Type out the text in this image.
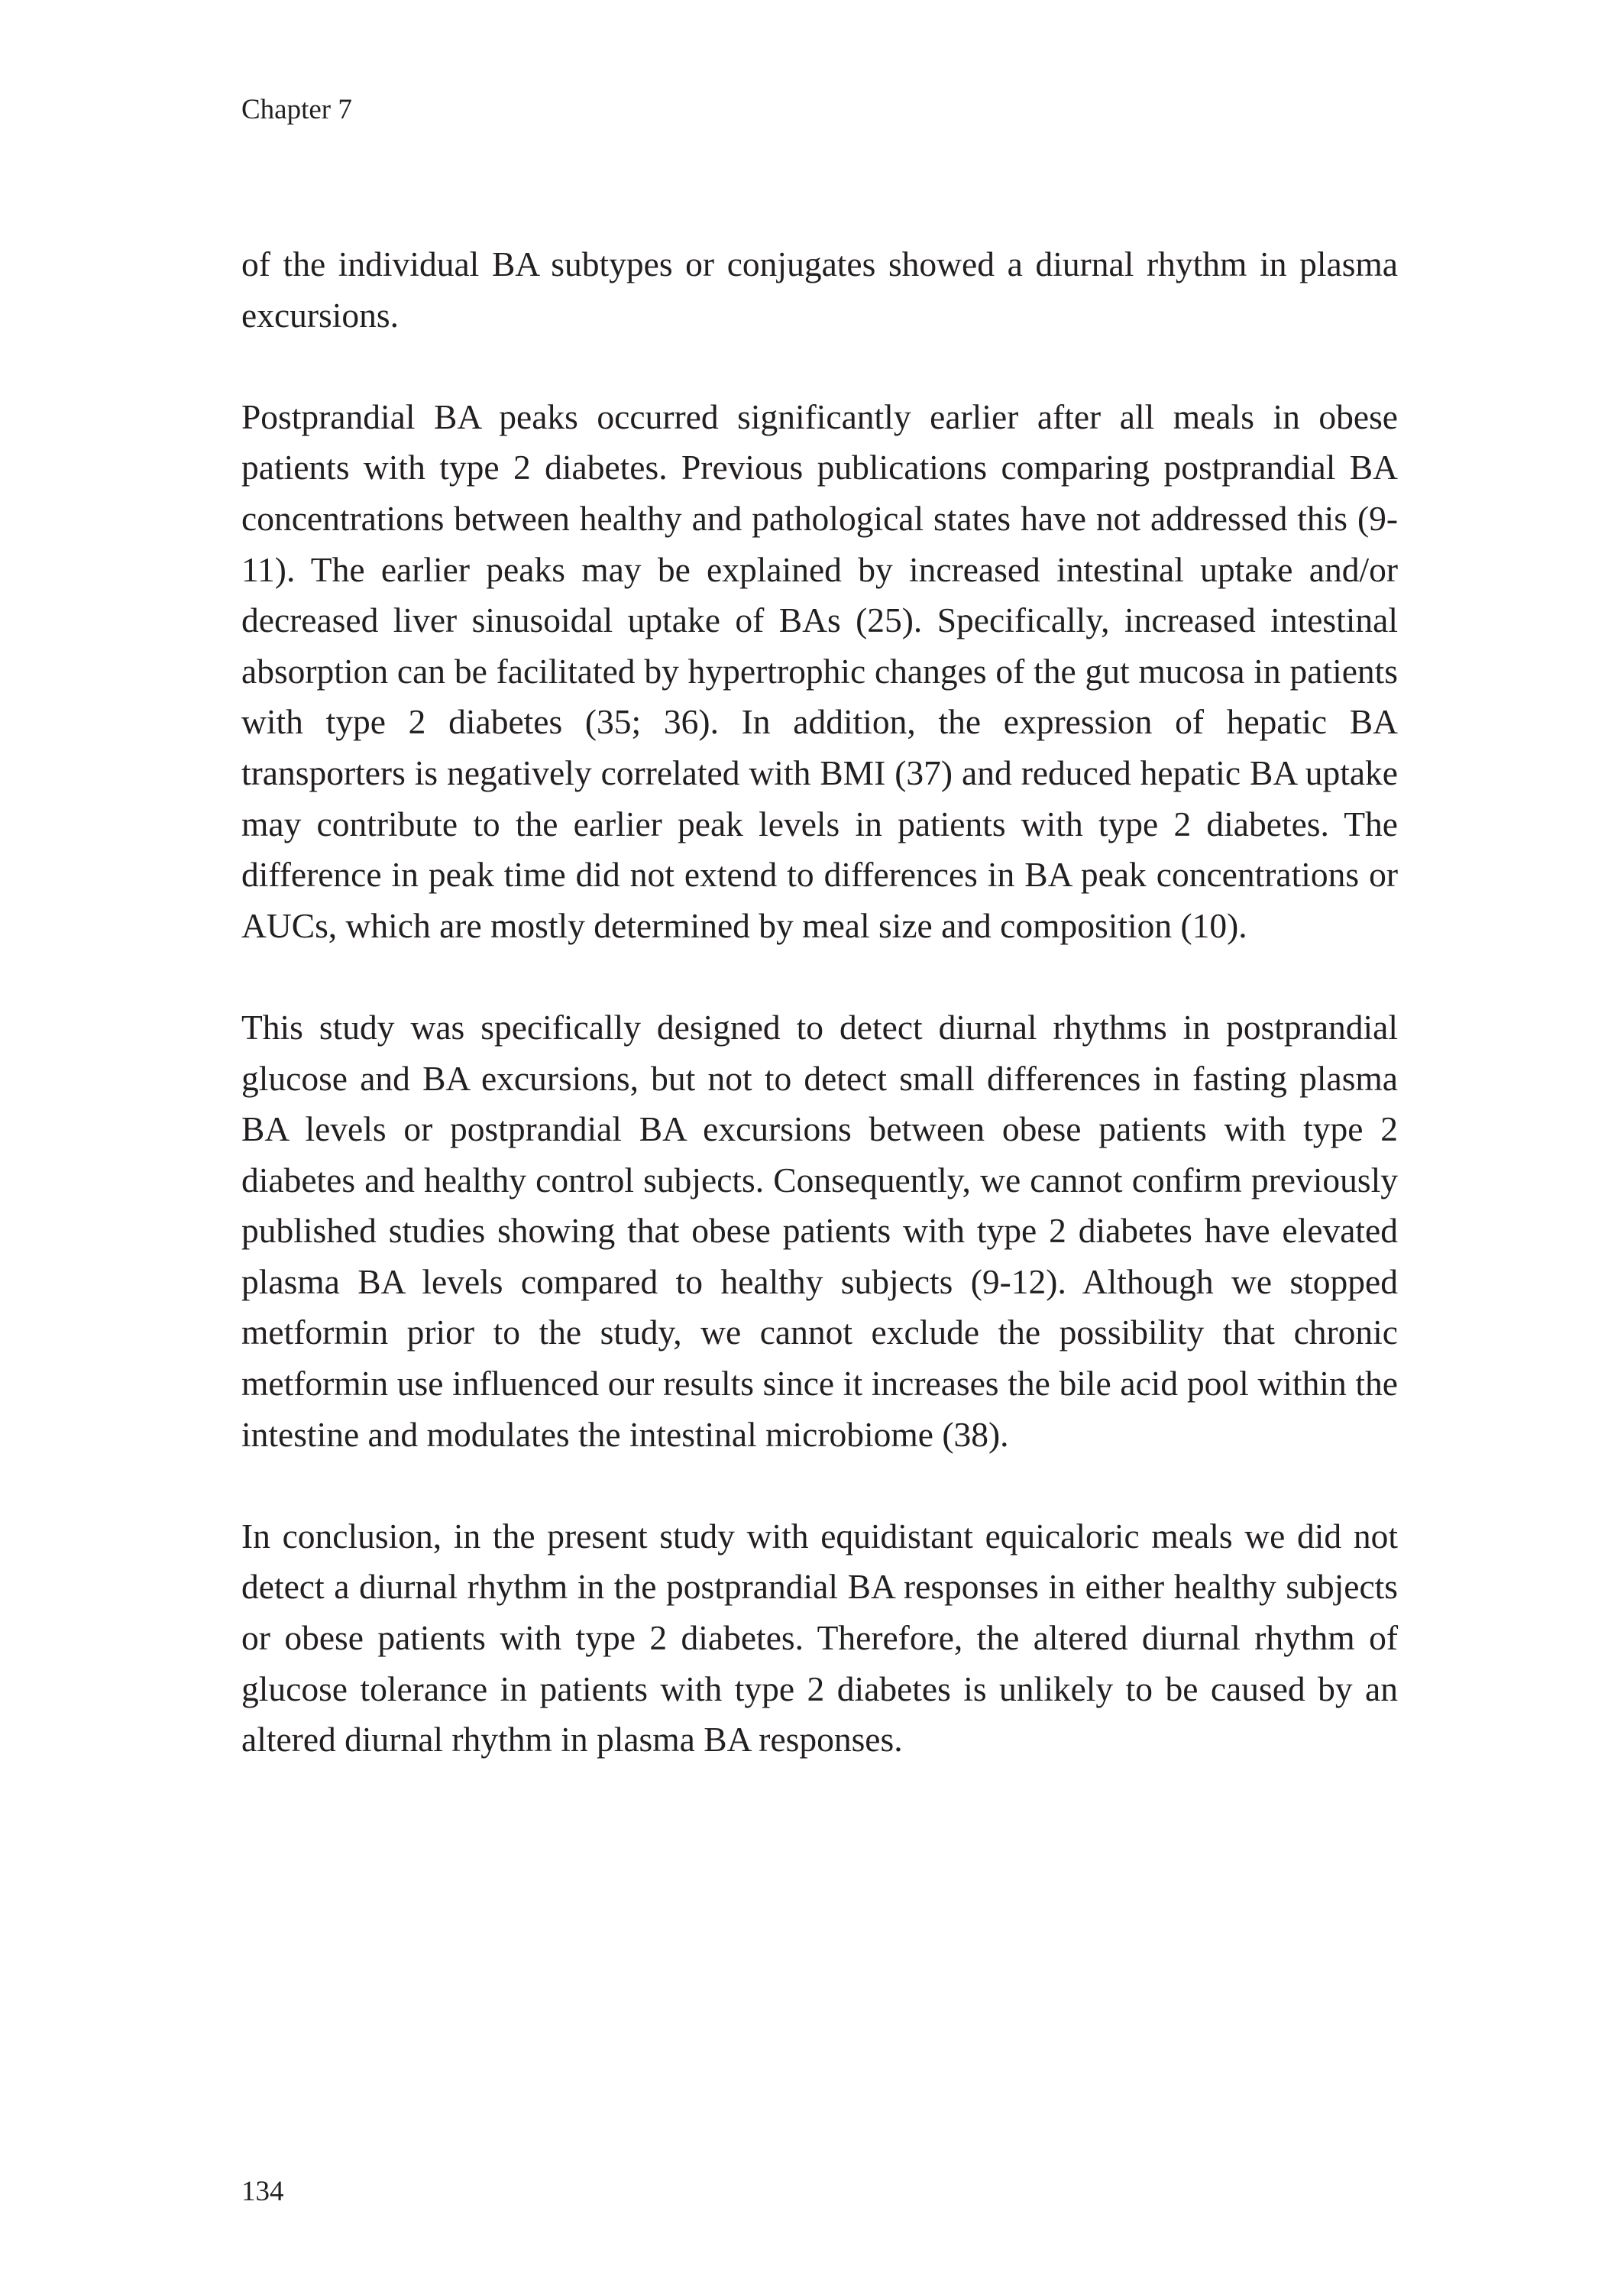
Chapter 7

of the individual BA subtypes or conjugates showed a diurnal rhythm in plasma excursions.

Postprandial BA peaks occurred significantly earlier after all meals in obese patients with type 2 diabetes. Previous publications comparing postprandial BA concentrations between healthy and pathological states have not addressed this (9-11). The earlier peaks may be explained by increased intestinal uptake and/or decreased liver sinusoidal uptake of BAs (25). Specifically, increased intestinal absorption can be facilitated by hypertrophic changes of the gut mucosa in patients with type 2 diabetes (35; 36). In addition, the expression of hepatic BA transporters is negatively correlated with BMI (37) and reduced hepatic BA uptake may contribute to the earlier peak levels in patients with type 2 diabetes. The difference in peak time did not extend to differences in BA peak concentrations or AUCs, which are mostly determined by meal size and composition (10).

This study was specifically designed to detect diurnal rhythms in postprandial glucose and BA excursions, but not to detect small differences in fasting plasma BA levels or postprandial BA excursions between obese patients with type 2 diabetes and healthy control subjects. Consequently, we cannot confirm previously published studies showing that obese patients with type 2 diabetes have elevated plasma BA levels compared to healthy subjects (9-12). Although we stopped metformin prior to the study, we cannot exclude the possibility that chronic metformin use influenced our results since it increases the bile acid pool within the intestine and modulates the intestinal microbiome (38).

In conclusion, in the present study with equidistant equicaloric meals we did not detect a diurnal rhythm in the postprandial BA responses in either healthy subjects or obese patients with type 2 diabetes. Therefore, the altered diurnal rhythm of glucose tolerance in patients with type 2 diabetes is unlikely to be caused by an altered diurnal rhythm in plasma BA responses.

134
